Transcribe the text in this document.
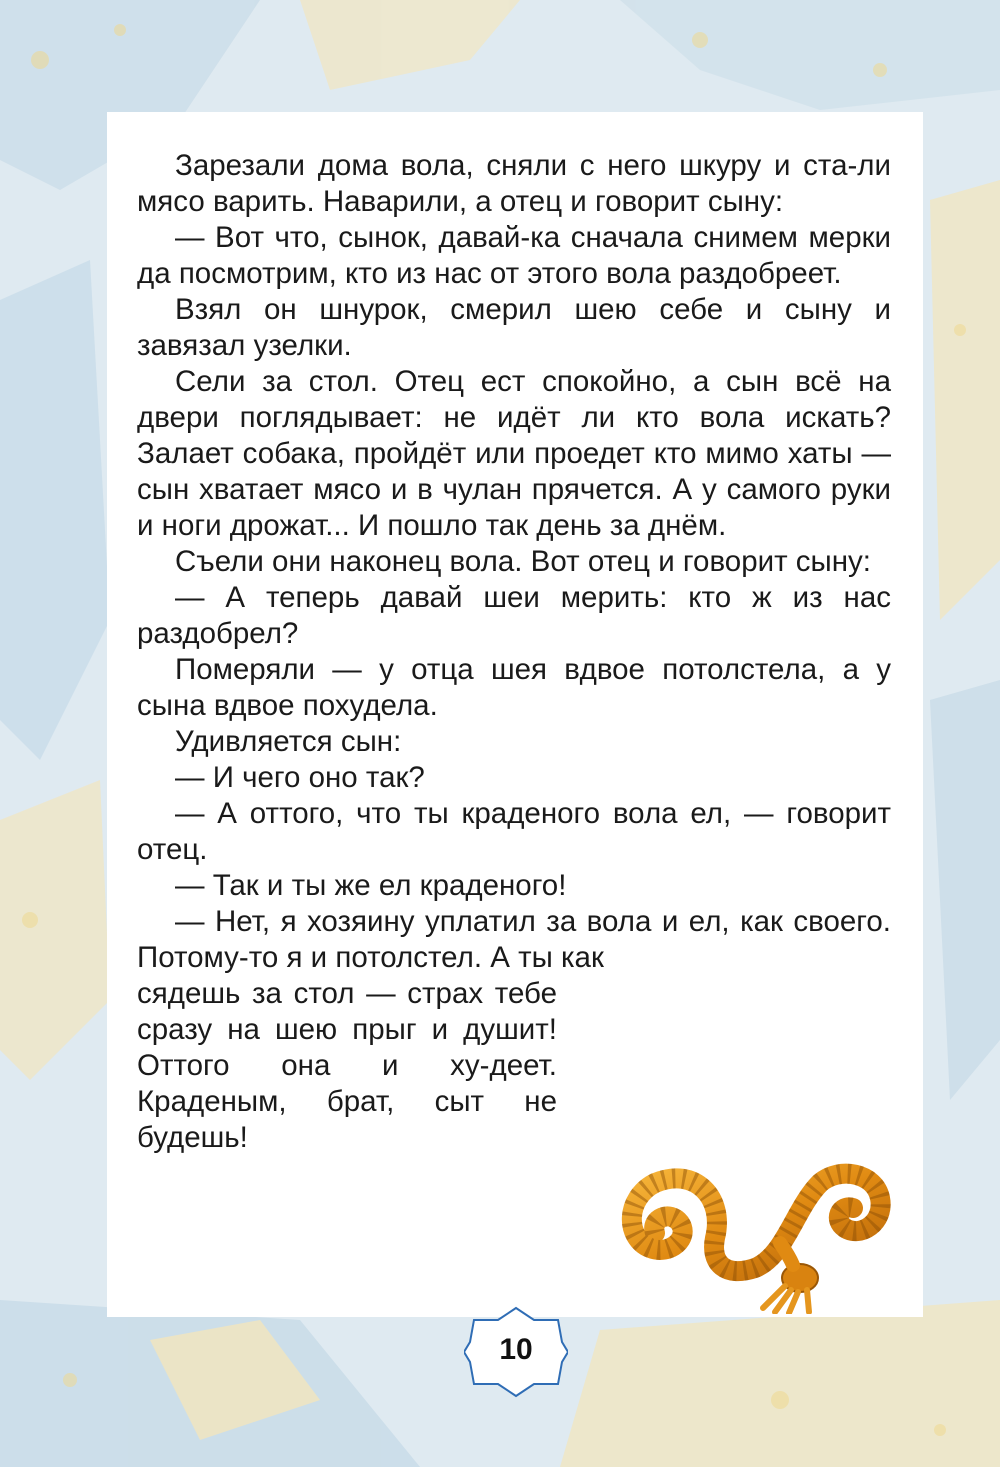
Зарезали дома вола, сняли с него шкуру и ста-ли мясо варить. Наварили, а отец и говорит сыну:

— Вот что, сынок, давай-ка сначала снимем мерки да посмотрим, кто из нас от этого вола раздобреет.

Взял он шнурок, смерил шею себе и сыну и завязал узелки.

Сели за стол. Отец ест спокойно, а сын всё на двери поглядывает: не идёт ли кто вола искать? Залает собака, пройдёт или проедет кто мимо хаты — сын хватает мясо и в чулан прячется. А у самого руки и ноги дрожат... И пошло так день за днём.

Съели они наконец вола. Вот отец и говорит сыну:

— А теперь давай шеи мерить: кто ж из нас раздобрел?

Померяли — у отца шея вдвое потолстела, а у сына вдвое похудела.

Удивляется сын:

— И чего оно так?

— А оттого, что ты краденого вола ел, — говорит отец.

— Так и ты же ел краденого!

— Нет, я хозяину уплатил за вола и ел, как своего. Потому-то я и потолстел. А ты как

сядешь за стол — страх тебе сразу на шею прыг и душит! Оттого она и ху-деет. Краденым, брат, сыт не будешь!

10
